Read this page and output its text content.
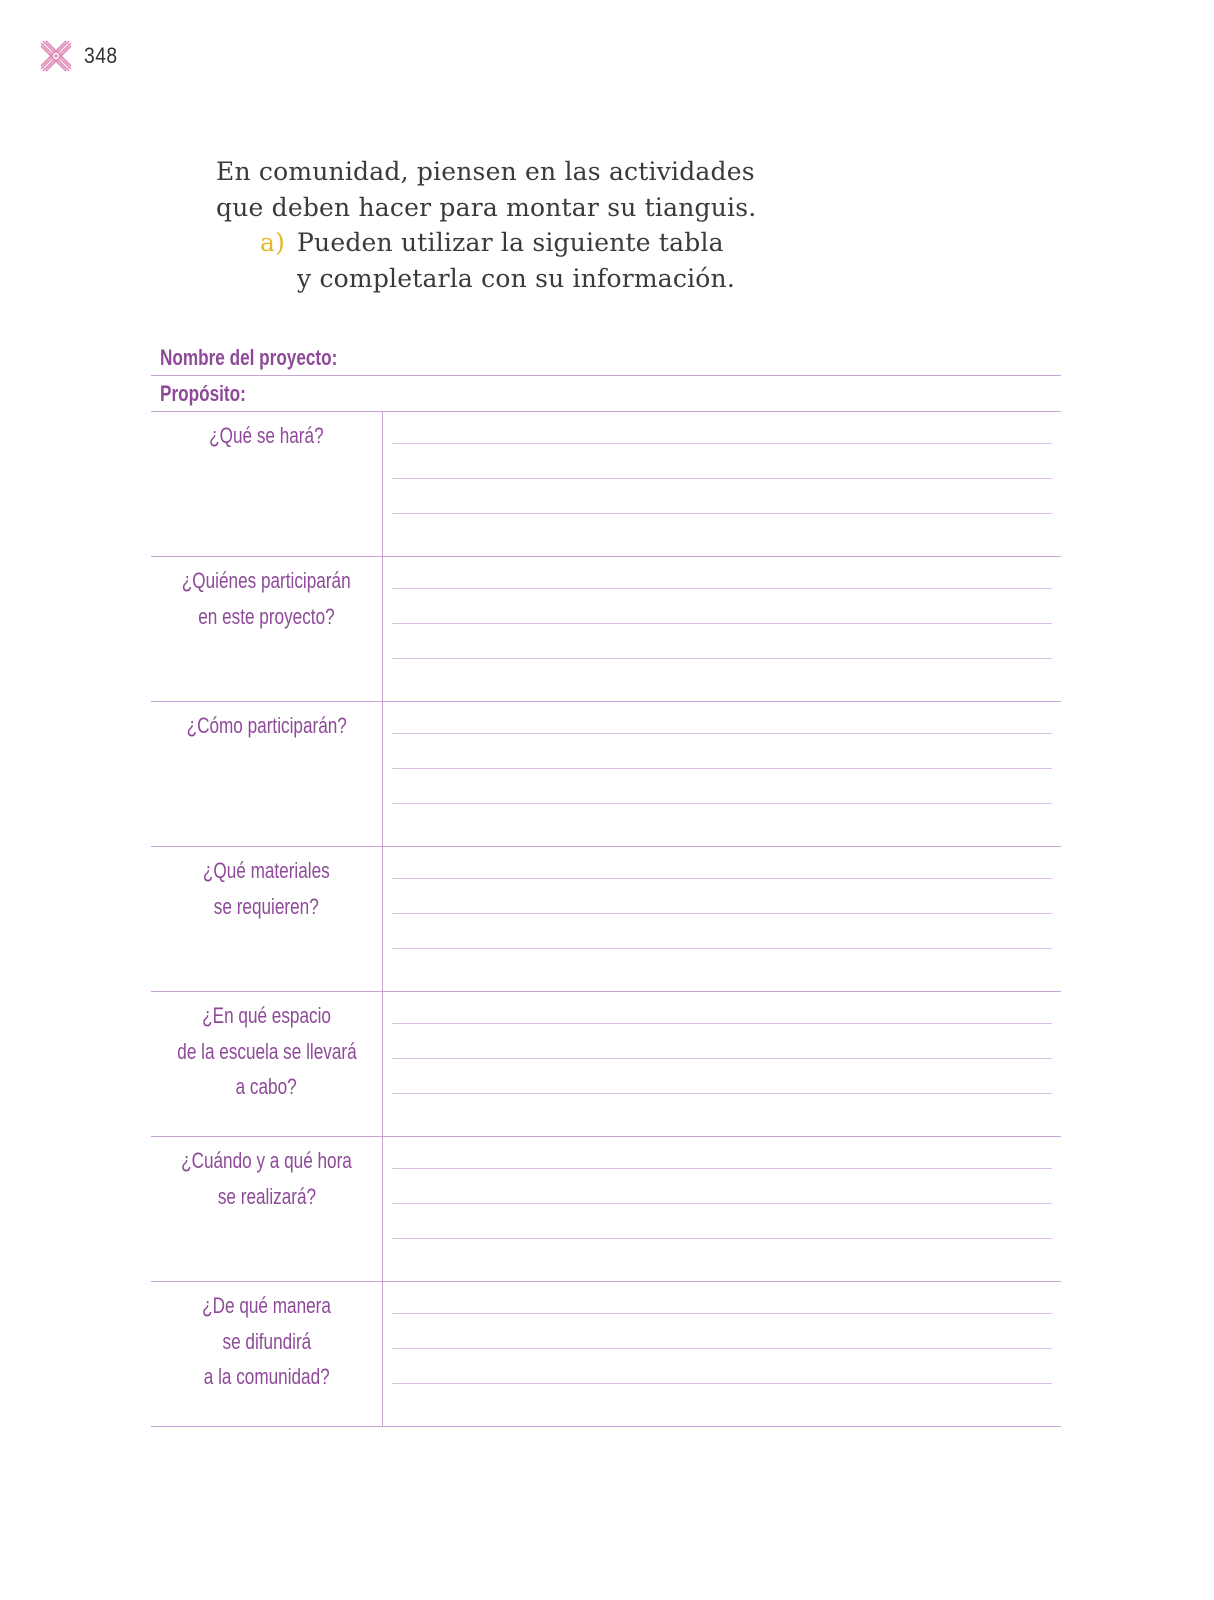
348

En comunidad, piensen en las actividades

que deben hacer para montar su tianguis.

a) Pueden utilizar la siguiente tabla

y completarla con su información.

Nombre del proyecto:
Propósito:
¿Qué se hará?
¿Quiénes participarán
en este proyecto?
¿Cómo participarán?
¿Qué materiales
se requieren?
¿En qué espacio
de la escuela se llevará
a cabo?
¿Cuándo y a qué hora
se realizará?
¿De qué manera
se difundirá
a la comunidad?
